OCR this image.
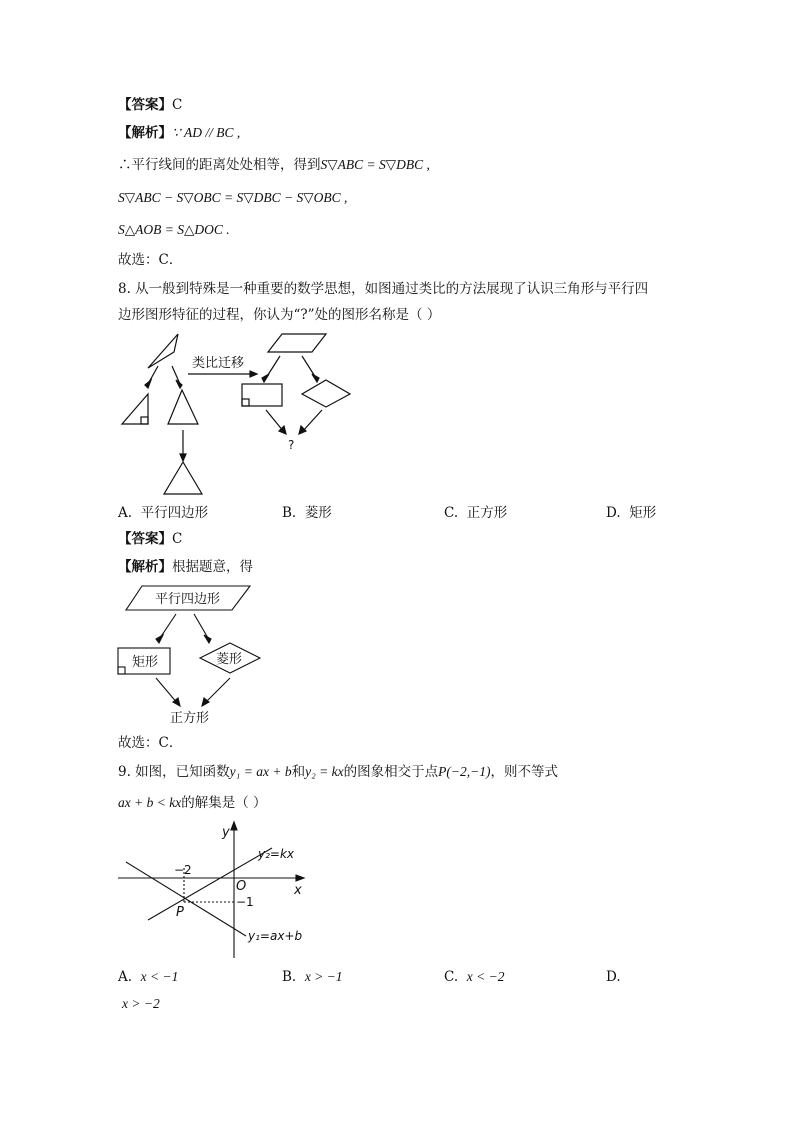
【答案】C
【解析】∵ AD // BC ,
∴平行线间的距离处处相等，得到S▽ABC = S▽DBC ,
S▽ABC − S▽OBC = S▽DBC − S▽OBC ,
S△AOB = S△DOC .
故选：C．
8. 从一般到特殊是一种重要的数学思想，如图通过类比的方法展现了认识三角形与平行四
边形图形特征的过程，你认为“?”处的图形名称是（ ）
类比迁移
?
A. 平行四边形	B. 菱形	C. 正方形	D. 矩形
【答案】C
【解析】根据题意，得
平行四边形
矩形	菱形
正方形
故选：C．
9. 如图，已知函数y₁ = ax + b和y₂ = kx的图象相交于点P(−2,−1)，则不等式
ax + b < kx的解集是（ ）
y
x
O
P
−2
−1
y₂=kx
y₁=ax+b
A. x < −1	B. x > −1	C. x < −2	D.
x > −2
